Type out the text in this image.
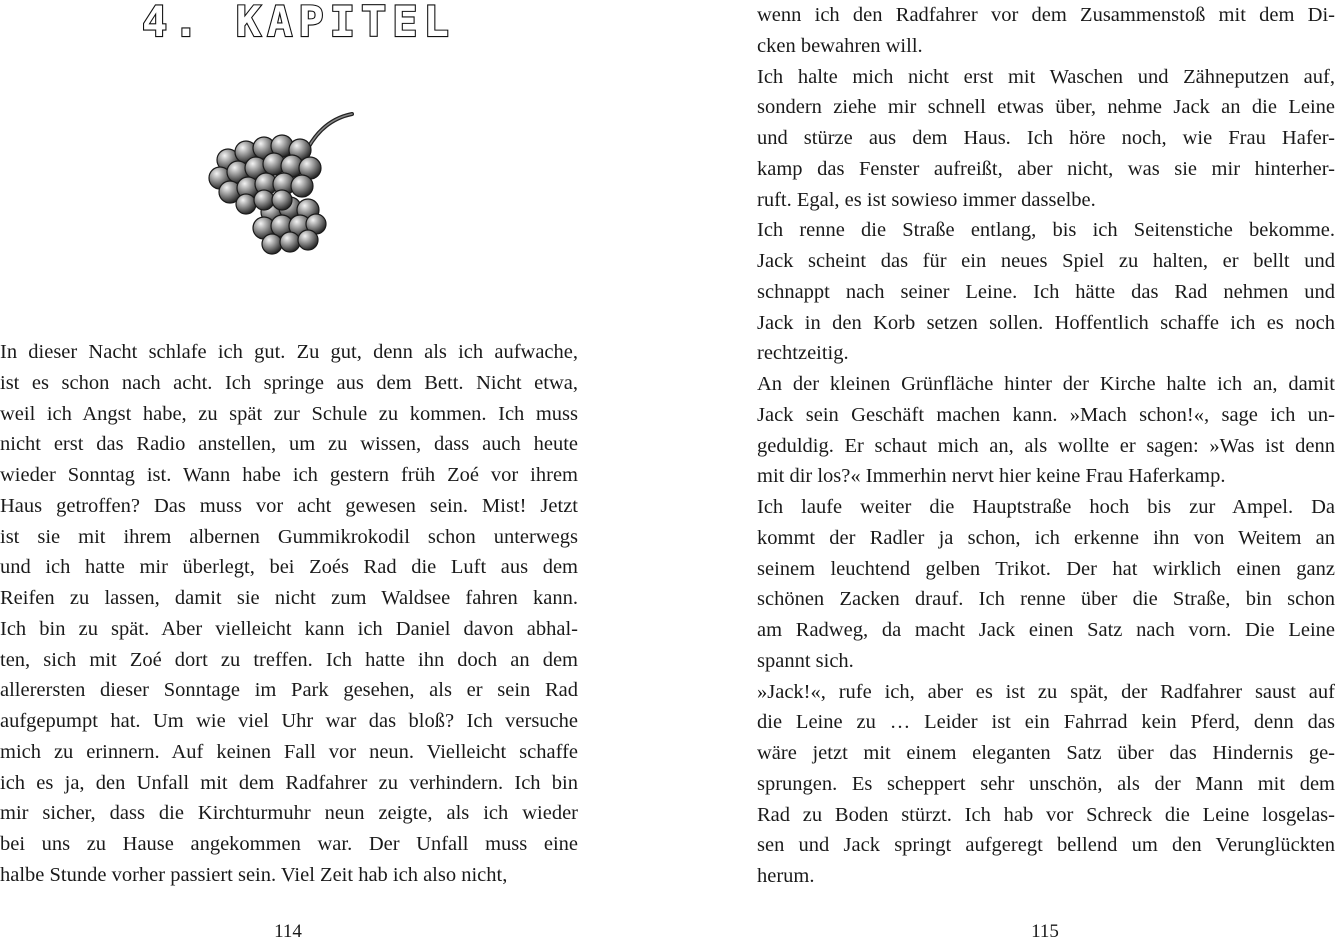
4. KAPITEL
In dieser Nacht schlafe ich gut. Zu gut, denn als ich aufwache,
ist es schon nach acht. Ich springe aus dem Bett. Nicht etwa,
weil ich Angst habe, zu spät zur Schule zu kommen. Ich muss
nicht erst das Radio anstellen, um zu wissen, dass auch heute
wieder Sonntag ist. Wann habe ich gestern früh Zoé vor ihrem
Haus getroffen? Das muss vor acht gewesen sein. Mist! Jetzt
ist sie mit ihrem albernen Gummikrokodil schon unterwegs
und ich hatte mir überlegt, bei Zoés Rad die Luft aus dem
Reifen zu lassen, damit sie nicht zum Waldsee fahren kann.
Ich bin zu spät. Aber vielleicht kann ich Daniel davon abhal-
ten, sich mit Zoé dort zu treffen. Ich hatte ihn doch an dem
allerersten dieser Sonntage im Park gesehen, als er sein Rad
aufgepumpt hat. Um wie viel Uhr war das bloß? Ich versuche
mich zu erinnern. Auf keinen Fall vor neun. Vielleicht schaffe
ich es ja, den Unfall mit dem Radfahrer zu verhindern. Ich bin
mir sicher, dass die Kirchturmuhr neun zeigte, als ich wieder
bei uns zu Hause angekommen war. Der Unfall muss eine
halbe Stunde vorher passiert sein. Viel Zeit hab ich also nicht,
114
wenn ich den Radfahrer vor dem Zusammenstoß mit dem Di-
cken bewahren will.
Ich halte mich nicht erst mit Waschen und Zähneputzen auf,
sondern ziehe mir schnell etwas über, nehme Jack an die Leine
und stürze aus dem Haus. Ich höre noch, wie Frau Hafer-
kamp das Fenster aufreißt, aber nicht, was sie mir hinterher-
ruft. Egal, es ist sowieso immer dasselbe.
Ich renne die Straße entlang, bis ich Seitenstiche bekomme.
Jack scheint das für ein neues Spiel zu halten, er bellt und
schnappt nach seiner Leine. Ich hätte das Rad nehmen und
Jack in den Korb setzen sollen. Hoffentlich schaffe ich es noch
rechtzeitig.
An der kleinen Grünfläche hinter der Kirche halte ich an, damit
Jack sein Geschäft machen kann. »Mach schon!«, sage ich un-
geduldig. Er schaut mich an, als wollte er sagen: »Was ist denn
mit dir los?« Immerhin nervt hier keine Frau Haferkamp.
Ich laufe weiter die Hauptstraße hoch bis zur Ampel. Da
kommt der Radler ja schon, ich erkenne ihn von Weitem an
seinem leuchtend gelben Trikot. Der hat wirklich einen ganz
schönen Zacken drauf. Ich renne über die Straße, bin schon
am Radweg, da macht Jack einen Satz nach vorn. Die Leine
spannt sich.
»Jack!«, rufe ich, aber es ist zu spät, der Radfahrer saust auf
die Leine zu … Leider ist ein Fahrrad kein Pferd, denn das
wäre jetzt mit einem eleganten Satz über das Hindernis ge-
sprungen. Es scheppert sehr unschön, als der Mann mit dem
Rad zu Boden stürzt. Ich hab vor Schreck die Leine losgelas-
sen und Jack springt aufgeregt bellend um den Verunglückten
herum.
115
